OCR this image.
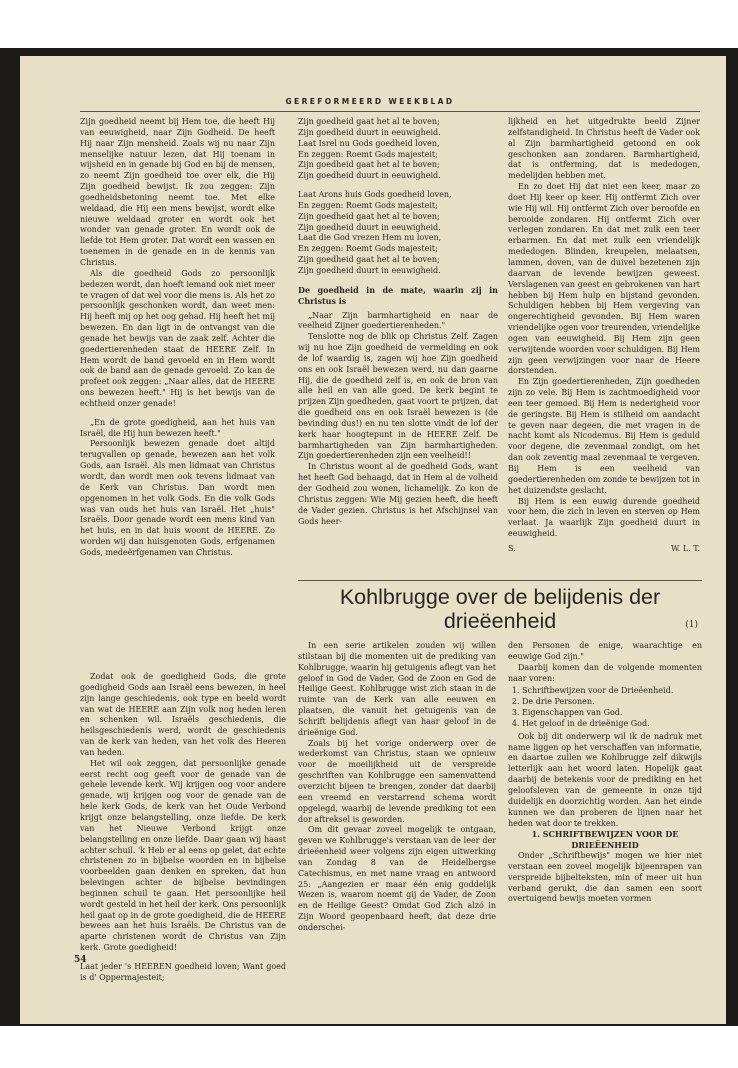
GEREFORMEERD WEEKBLAD

Zijn goedheid neemt bij Hem toe, die heeft Hij van eeuwigheid, naar Zijn Godheid. De heeft Hij naar Zijn mensheid. Zoals wij nu naar Zijn menselijke natuur lezen, dat Hij toenam in wijsheid en in genade bij God en bij de mensen, zo neemt Zijn goedheid toe over elk, die Hij Zijn goedheid bewijst. Ik zou zeggen: Zijn goedheidsbetoning neemt toe. Met elke weldaad, die Hij een mens bewijst, wordt elke nieuwe weldaad groter en wordt ook het wonder van genade groter. En wordt ook de liefde tot Hem groter. Dat wordt een wassen en toenemen in de genade en in de kennis van Christus.

Als die goedheid Gods zo persoonlijk bedezen wordt, dan hoeft iemand ook niet meer te vragen of dat wel voor die mens is. Als het zo persoonlijk geschonken wordt, dan weet men: Hij heeft mij op het oog gehad. Hij heeft het mij bewezen. En dan ligt in de ontvangst van die genade het bewijs van de zaak zelf. Achter die goedertierenheden staat de HEERE Zelf. In Hem wordt de band gevoeld en in Hem wordt ook de band aan de genade gevoeld. Zo kan de profeet ook zeggen: „Naar alles, dat de HEERE ons bewezen heeft." Hij is het bewijs van de echtheid onzer genade!

„En de grote goedigheid, aan het huis van Israël, die Hij hun bewezen heeft."

Persoonlijk bewezen genade doet altijd terugvallen op genade, bewezen aan het volk Gods, aan Israël. Als men lidmaat van Christus wordt, dan wordt men ook tevens lidmaat van de Kerk van Christus. Dan wordt men opgenomen in het volk Gods. En die volk Gods was van ouds het huis van Israël. Het „huis" Israëls. Door genade wordt een mens kind van het huis, en in dat huis woont de HEERE. Zo worden wij dan huisgenoten Gods, erfgenamen Gods, medeërfgenamen van Christus.

Zijn goedheid gaat het al te boven;
Zijn goedheid duurt in eeuwigheid.
Laat Isrel nu Gods goedheid loven,
En zeggen: Roemt Gods majesteit;
Zijn goedheid gaat het al te boven;
Zijn goedheid duurt in eeuwigheid.
Laat Arons huis Gods goedheid loven,
En zeggen: Roemt Gods majesteit;
Zijn goedheid gaat het al te boven;
Zijn goedheid duurt in eeuwigheid.
Laat die God vrezen Hem nu loven,
En zeggen: Roemt Gods majesteit;
Zijn goedheid gaat het al te boven;
Zijn goedheid duurt in eeuwigheid.

De goedheid in de mate, waarin zij in Christus is

„Naar Zijn barmhartigheid en naar de veelheid Zijner goedertierenheden."

Tenslotte nog de blik op Christus Zelf. Zagen wij nu hoe Zijn goedheid de vermelding en ook de lof waardig is, zagen wij hoe Zijn goedheid ons en ook Israël bewezen werd, nu dan gaarne Hij, die de goedheid zelf is, en ook de bron van alle heil en van alle goed. De kerk begint te prijzen Zijn goedheden, gaat voort te prijzen, dat die goedheid ons en ook Israël bewezen is (de bevinding dus!) en nu ten slotte vindt de lof der kerk haar hoogtepunt in de HEERE Zelf. De barmhartigheden van Zijn barmhartigheden. Zijn goedertierenheden zijn een veelheid!!

In Christus woont al de goedheid Gods, want het heeft God behaagd, dat in Hem al de volheid der Godheid zou wonen, lichamelijk. Zo kon de Christus zeggen: Wie Mij gezien heeft, die heeft de Vader gezien. Christus is het Afschijnsel van Gods heer-

lijkheid en het uitgedrukte beeld Zijner zelfstandigheid. In Christus heeft de Vader ook al Zijn barmhartigheid getoond en ook geschonken aan zondaren. Barmhartigheid, dat is ontferming, dat is mededogen, medelijden hebben met.

En zo doet Hij dat niet een keer, maar zo doet Hij keer op keer. Hij ontfermt Zich over wie Hij wil. Hij ontfermt Zich over beroofde en berooide zondaren. Hij ontfermt Zich over verlegen zondaren. En dat met zulk een teer erbarmen. En dat met zulk een vriendelijk mededogen. Blinden, kreupelen, melaatsen, lammen, doven, van de duivel bezetenen zijn daarvan de levende bewijzen geweest. Verslagenen van geest en gebrokenen van hart hebben bij Hem hulp en bijstand gevonden. Schuldigen hebben bij Hem vergeving van ongerechtigheid gevonden. Bij Hem waren vriendelijke ogen voor treurenden, vriendelijke ogen van eeuwigheid. Bij Hem zijn geen verwijtende woorden voor schuldigen. Bij Hem zijn geen verwijzingen voor naar de Heere dorstenden.

En Zijn goedertierenheden, Zijn goedheden zijn zo vele. Bij Hem is zachtmoedigheid voor een teer gemoed. Bij Hem is nederigheid voor de geringste. Bij Hem is stilheid om aandacht te geven naar degeen, die met vragen in de nacht komt als Nicodemus. Bij Hem is geduld voor degene, die zevenmaal zondigt, om het dan ook zeventig maal zevenmaal te vergeven. Bij Hem is een veelheid van goedertierenheden om zonde te bewijzen tot in het duizendste geslacht.

Bij Hem is een euwig durende goedheid voor hem, die zich in leven en sterven op Hem verlaat. Ja waarlijk Zijn goedheid duurt in eeuwigheid.

S.	W. L. T.

Zodat ook de goedigheid Gods, die grote goedigheid Gods aan Israël eens bewezen, in heel zijn lange geschiedenis, ook type en beeld wordt van wat de HEERE aan Zijn volk nog heden leren en schenken wil. Israëls geschiedenis, die heilsgeschiedenis werd, wordt de geschiedenis van de kerk van heden, van het volk des Heeren van heden.

Het wil ook zeggen, dat persoonlijke genade eerst recht oog geeft voor de genade van de gehele levende kerk. Wij krijgen oog voor andere genade, wij krijgen oog voor de genade van de hele kerk Gods, de kerk van het Oude Verbond krijgt onze belangstelling, onze liefde. De kerk van het Nieuwe Verbond krijgt onze belangstelling en onze liefde. Daar gaan wij haast achter schuil. 'k Heb er al eens op gelet, dat echte christenen zo in bijbelse woorden en in bijbelse voorbeelden gaan denken en spreken, dat hun belevingen achter de bijbelse bevindingen beginnen schuil te gaan. Het persoonlijke heil wordt gesteld in het heil der kerk. Ons persoonlijk heil gaat op in de grote goedigheid, die de HEERE bewees aan het huis Israëls. De Christus van de aparte christenen wordt de Christus van Zijn kerk. Grote goedigheid!

Laat jeder 's HEEREN goedheid loven; Want goed is d' Oppermajesteit;

Kohlbrugge over de belijdenis der
drieëenheid	(1)

In een serie artikelen zouden wij willen stilstaan bij die momenten uit de prediking van Kohlbrugge, waarin hij getuigenis aflegt van het geloof in God de Vader, God de Zoon en God de Heilige Geest. Kohlbrugge wist zich staan in de ruimte van de Kerk van alle eeuwen en plaatsen, die vanuit het getuigenis van de Schrift belijdenis aflegt van haar geloof in de drieënige God.

Zoals bij het vorige onderwerp over de wederkomst van Christus, staan we opnieuw voor de moeilijkheid uit de verspreide geschriften van Kohlbrugge een samenvattend overzicht bijeen te brengen, zonder dat daarbij een vreemd en verstarrend schema wordt opgelegd, waarbij de levende prediking tot een dor aftreksel is geworden.

Om dit gevaar zoveel mogelijk te ontgaan, geven we Kohlbrugge's verstaan van de leer der drieëenheid weer volgens zijn eigen uitwerking van Zondag 8 van de Heidelbergse Catechismus, en met name vraag en antwoord 25: „Aangezien er maar één enig goddelijk Wezen is, waarom noemt gij de Vader, de Zoon en de Heilige Geest? Omdat God Zich alzó in Zijn Woord geopenbaard heeft, dat deze drie onderschei-

den Personen de enige, waarachtige en eeuwige God zijn."

Daarbij komen dan de volgende momenten naar voren:

1. Schriftbewijzen voor de Drieëenheid.
2. De drie Personen.
3. Eigenschappen van God.
4. Het geloof in de drieënige God.

Ook bij dit onderwerp wil ik de nadruk met name liggen op het verschaffen van informatie, en daartoe zullen we Kohlbrugge zelf dikwijls letterlijk aan het woord laten. Hopelijk gaat daarbij de betekenis voor de prediking en het geloofsleven van de gemeente in onze tijd duidelijk en doorzichtig worden. Aan het einde kunnen we dan proberen de lijnen naar het heden wat door te trekken.

1. SCHRIFTBEWIJZEN VOOR DE DRIEËENHEID

Onder „Schriftbewijs" mogen we hier niet verstaan een zoveel mogelijk bijeenrapen van verspreide bijbelteksten, min of meer uit hun verband gerukt, die dan samen een soort overtuigend bewijs moeten vormen

54
